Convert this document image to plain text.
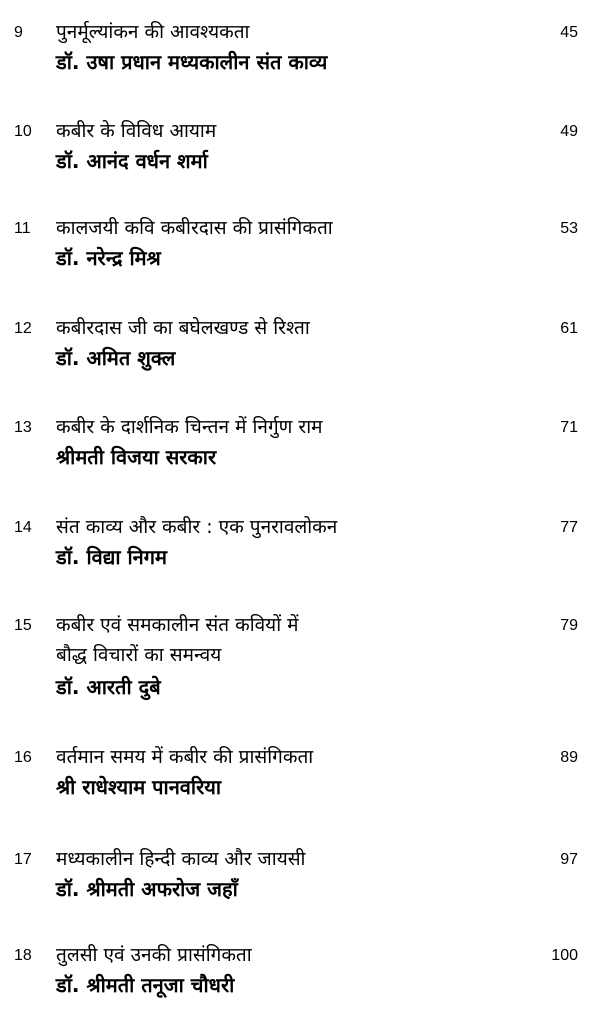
9	पुनर्मूल्यांकन की आवश्यकता	45
डॉ. उषा प्रधान मध्यकालीन संत काव्य
10	कबीर के विविध आयाम	49
डॉ. आनंद वर्धन शर्मा
11	कालजयी कवि कबीरदास की प्रासंगिकता	53
डॉ. नरेन्द्र मिश्र
12	कबीरदास जी का बघेलखण्ड से रिश्ता	61
डॉ. अमित शुक्ल
13	कबीर के दार्शनिक चिन्तन में निर्गुण राम	71
श्रीमती विजया सरकार
14	संत काव्य और कबीर : एक पुनरावलोकन	77
डॉ. विद्या निगम
15	कबीर एवं समकालीन संत कवियों में	79
बौद्ध विचारों का समन्वय
डॉ. आरती दुबे
16	वर्तमान समय में कबीर की प्रासंगिकता	89
श्री राधेश्याम पानवरिया
17	मध्यकालीन हिन्दी काव्य और जायसी	97
डॉ. श्रीमती अफरोज जहाँ
18	तुलसी एवं उनकी प्रासंगिकता	100
डॉ. श्रीमती तनूजा चौधरी
